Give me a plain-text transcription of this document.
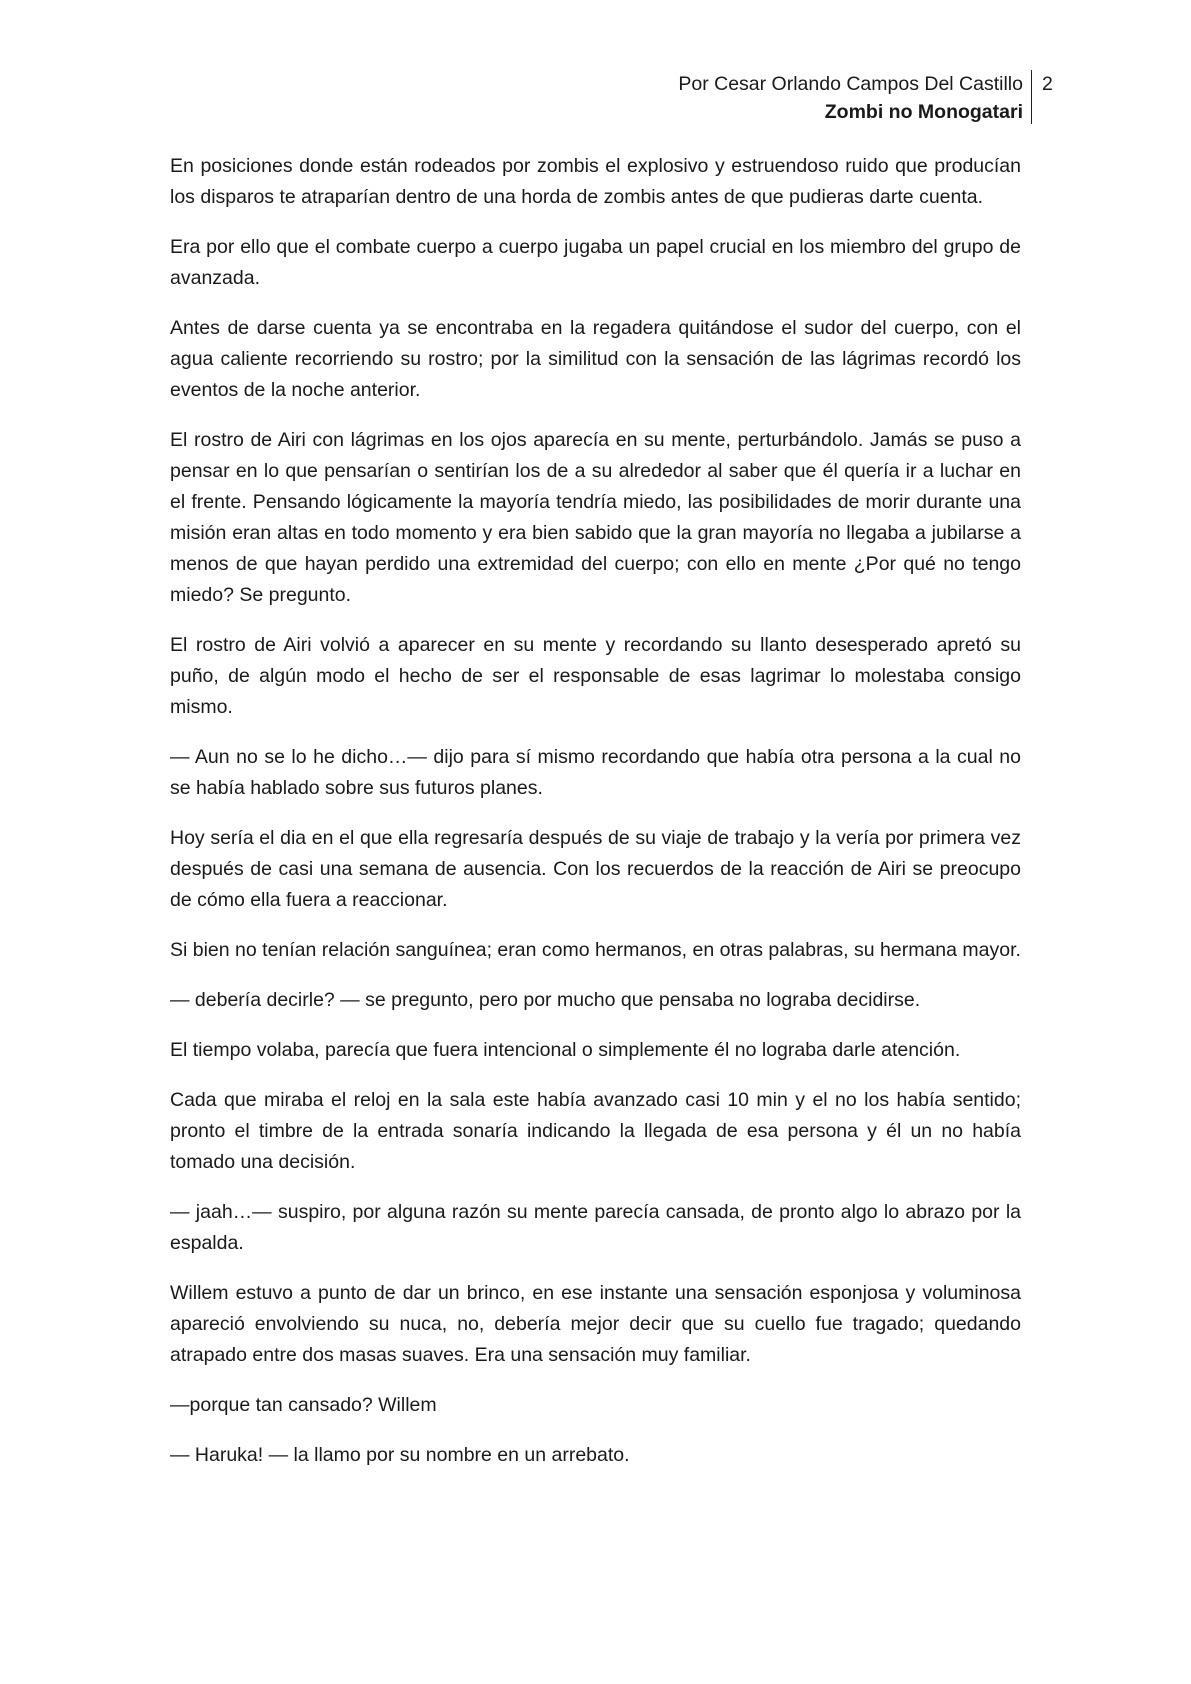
Por Cesar Orlando Campos Del Castillo
Zombi no Monogatari
2

En posiciones donde están rodeados por zombis el explosivo y estruendoso ruido que producían los disparos te atraparían dentro de una horda de zombis antes de que pudieras darte cuenta.

Era por ello que el combate cuerpo a cuerpo jugaba un papel crucial en los miembro del grupo de avanzada.

Antes de darse cuenta ya se encontraba en la regadera quitándose el sudor del cuerpo, con el agua caliente recorriendo su rostro; por la similitud con la sensación de las lágrimas recordó los eventos de la noche anterior.

El rostro de Airi con lágrimas en los ojos aparecía en su mente, perturbándolo. Jamás se puso a pensar en lo que pensarían o sentirían los de a su alrededor al saber que él quería ir a luchar en el frente. Pensando lógicamente la mayoría tendría miedo, las posibilidades de morir durante una misión eran altas en todo momento y era bien sabido que la gran mayoría no llegaba a jubilarse a menos de que hayan perdido una extremidad del cuerpo; con ello en mente ¿Por qué no tengo miedo? Se pregunto.

El rostro de Airi volvió a aparecer en su mente y recordando su llanto desesperado apretó su puño, de algún modo el hecho de ser el responsable de esas lagrimar lo molestaba consigo mismo.

— Aun no se lo he dicho…— dijo para sí mismo recordando que había otra persona a la cual no se había hablado sobre sus futuros planes.

Hoy sería el dia en el que ella regresaría después de su viaje de trabajo y la vería por primera vez después de casi una semana de ausencia. Con los recuerdos de la reacción de Airi se preocupo de cómo ella fuera a reaccionar.

Si bien no tenían relación sanguínea; eran como hermanos, en otras palabras, su hermana mayor.

— debería decirle? — se pregunto, pero por mucho que pensaba no lograba decidirse.

El tiempo volaba, parecía que fuera intencional o simplemente él no lograba darle atención.

Cada que miraba el reloj en la sala este había avanzado casi 10 min y el no los había sentido; pronto el timbre de la entrada sonaría indicando la llegada de esa persona y él un no había tomado una decisión.

— jaah…— suspiro, por alguna razón su mente parecía cansada, de pronto algo lo abrazo por la espalda.

Willem estuvo a punto de dar un brinco, en ese instante una sensación esponjosa y voluminosa apareció envolviendo su nuca, no, debería mejor decir que su cuello fue tragado; quedando atrapado entre dos masas suaves. Era una sensación muy familiar.

—porque tan cansado? Willem

— Haruka! — la llamo por su nombre en un arrebato.
